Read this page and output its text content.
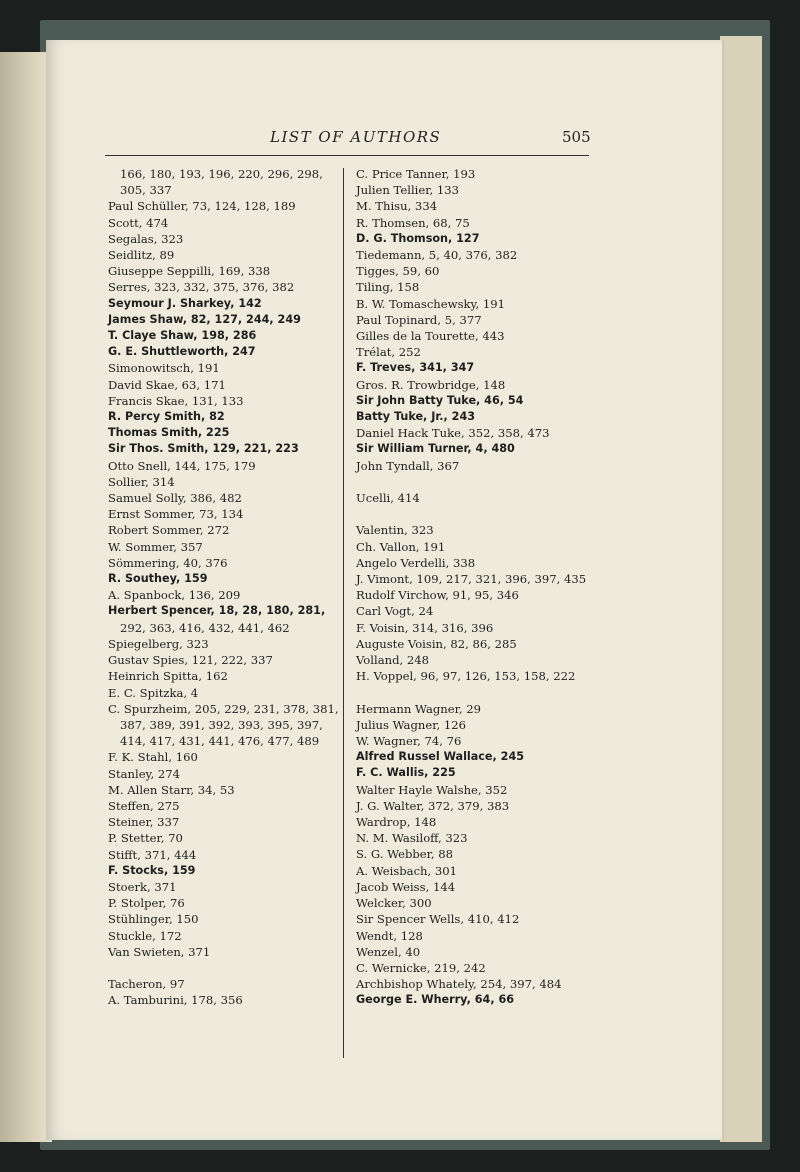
LIST OF AUTHORS	505
166, 180, 193, 196, 220, 296, 298,
305, 337
Paul Schüller, 73, 124, 128, 189
Scott, 474
Segalas, 323
Seidlitz, 89
Giuseppe Seppilli, 169, 338
Serres, 323, 332, 375, 376, 382
Seymour J. Sharkey, 142
James Shaw, 82, 127, 244, 249
T. Claye Shaw, 198, 286
G. E. Shuttleworth, 247
Simonowitsch, 191
David Skae, 63, 171
Francis Skae, 131, 133
R. Percy Smith, 82
Thomas Smith, 225
Sir Thos. Smith, 129, 221, 223
Otto Snell, 144, 175, 179
Sollier, 314
Samuel Solly, 386, 482
Ernst Sommer, 73, 134
Robert Sommer, 272
W. Sommer, 357
Sömmering, 40, 376
R. Southey, 159
A. Spanbock, 136, 209
Herbert Spencer, 18, 28, 180, 281,
292, 363, 416, 432, 441, 462
Spiegelberg, 323
Gustav Spies, 121, 222, 337
Heinrich Spitta, 162
E. C. Spitzka, 4
C. Spurzheim, 205, 229, 231, 378, 381,
387, 389, 391, 392, 393, 395, 397,
414, 417, 431, 441, 476, 477, 489
F. K. Stahl, 160
Stanley, 274
M. Allen Starr, 34, 53
Steffen, 275
Steiner, 337
P. Stetter, 70
Stifft, 371, 444
F. Stocks, 159
Stoerk, 371
P. Stolper, 76
Stühlinger, 150
Stuckle, 172
Van Swieten, 371
Tacheron, 97
A. Tamburini, 178, 356
C. Price Tanner, 193
Julien Tellier, 133
M. Thisu, 334
R. Thomsen, 68, 75
D. G. Thomson, 127
Tiedemann, 5, 40, 376, 382
Tigges, 59, 60
Tiling, 158
B. W. Tomaschewsky, 191
Paul Topinard, 5, 377
Gilles de la Tourette, 443
Trélat, 252
F. Treves, 341, 347
Gros. R. Trowbridge, 148
Sir John Batty Tuke, 46, 54
Batty Tuke, Jr., 243
Daniel Hack Tuke, 352, 358, 473
Sir William Turner, 4, 480
John Tyndall, 367
Ucelli, 414
Valentin, 323
Ch. Vallon, 191
Angelo Verdelli, 338
J. Vimont, 109, 217, 321, 396, 397, 435
Rudolf Virchow, 91, 95, 346
Carl Vogt, 24
F. Voisin, 314, 316, 396
Auguste Voisin, 82, 86, 285
Volland, 248
H. Voppel, 96, 97, 126, 153, 158, 222
Hermann Wagner, 29
Julius Wagner, 126
W. Wagner, 74, 76
Alfred Russel Wallace, 245
F. C. Wallis, 225
Walter Hayle Walshe, 352
J. G. Walter, 372, 379, 383
Wardrop, 148
N. M. Wasiloff, 323
S. G. Webber, 88
A. Weisbach, 301
Jacob Weiss, 144
Welcker, 300
Sir Spencer Wells, 410, 412
Wendt, 128
Wenzel, 40
C. Wernicke, 219, 242
Archbishop Whately, 254, 397, 484
George E. Wherry, 64, 66
